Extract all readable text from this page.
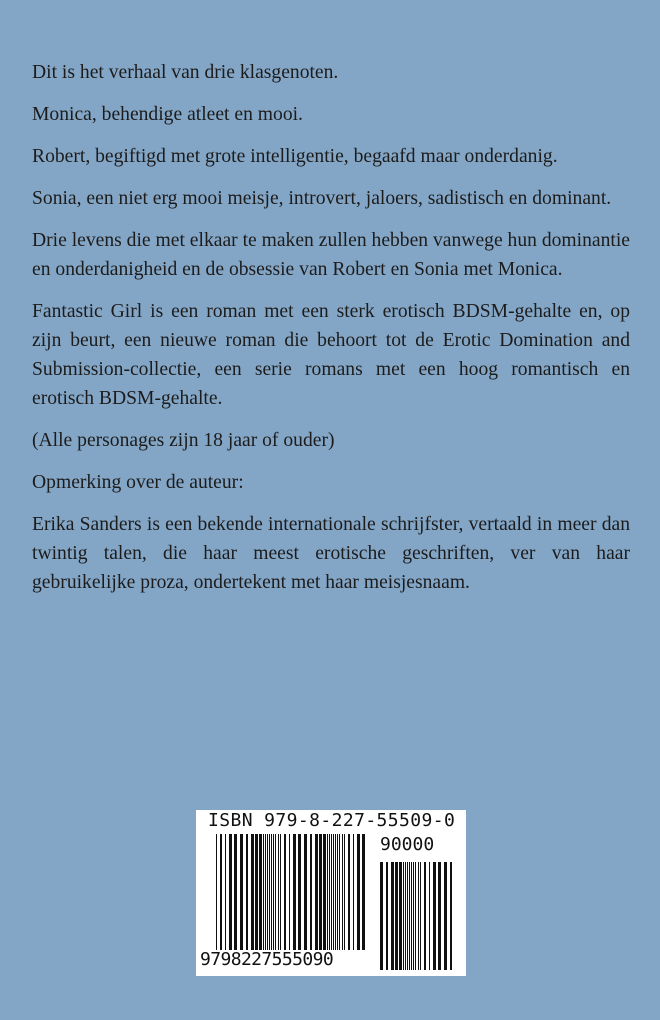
Dit is het verhaal van drie klasgenoten.

Monica, behendige atleet en mooi.

Robert, begiftigd met grote intelligentie, begaafd maar onderdanig.

Sonia, een niet erg mooi meisje, introvert, jaloers, sadistisch en dominant.

Drie levens die met elkaar te maken zullen hebben vanwege hun dominantie en onderdanigheid en de obsessie van Robert en Sonia met Monica.

Fantastic Girl is een roman met een sterk erotisch BDSM-gehalte en, op zijn beurt, een nieuwe roman die behoort tot de Erotic Domination and Submission-collectie, een serie romans met een hoog romantisch en erotisch BDSM-gehalte.

(Alle personages zijn 18 jaar of ouder)

Opmerking over de auteur:

Erika Sanders is een bekende internationale schrijfster, vertaald in meer dan twintig talen, die haar meest erotische geschriften, ver van haar gebruikelijke proza, ondertekent met haar meisjesnaam.

ISBN 979-8-227-55509-0
90000
9798227555090
